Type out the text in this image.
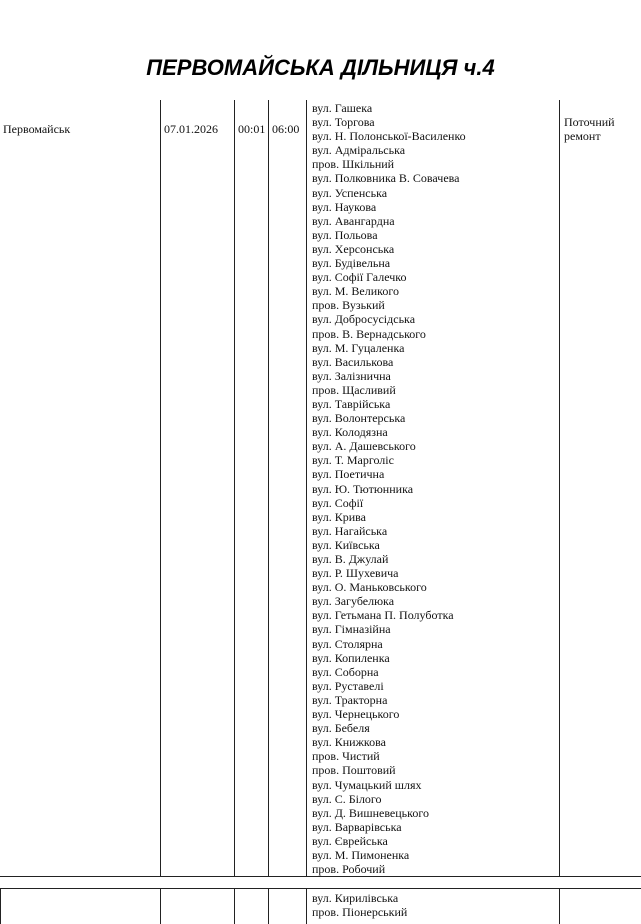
ПЕРВОМАЙСЬКА ДІЛЬНИЦЯ ч.4
Первомайськ	07.01.2026 00:01 06:00
вул. Гашека
вул. Торгова
вул. Н. Полонської-Василенко
вул. Адміральська
пров. Шкільний
вул. Полковника В. Совачева
вул. Успенська
вул. Наукова
вул. Авангардна
вул. Польова
вул. Херсонська
вул. Будівельна
вул. Софії Галечко
вул. М. Великого
пров. Вузький
вул. Добросусідська
пров. В. Вернадського
вул. М. Гуцаленка
вул. Василькова
вул. Залізнична
пров. Щасливий
вул. Таврійська
вул. Волонтерська
вул. Колодязна
вул. А. Дашевського
вул. Т. Марголіс
вул. Поетична
вул. Ю. Тютюнника
вул. Софії
вул. Крива
вул. Нагайська
вул. Київська
вул. В. Джулай
вул. Р. Шухевича
вул. О. Маньковського
вул. Загубелюка
вул. Гетьмана П. Полуботка
вул. Гімназійна
вул. Столярна
вул. Копиленка
вул. Соборна
вул. Руставелі
вул. Тракторна
вул. Чернецького
вул. Бебеля
вул. Книжкова
пров. Чистий
пров. Поштовий
вул. Чумацький шлях
вул. С. Білого
вул. Д. Вишневецького
вул. Варварівська
вул. Єврейська
вул. М. Пимоненка
пров. Робочий
Поточний
ремонт
вул. Кирилівська
пров. Піонерський
